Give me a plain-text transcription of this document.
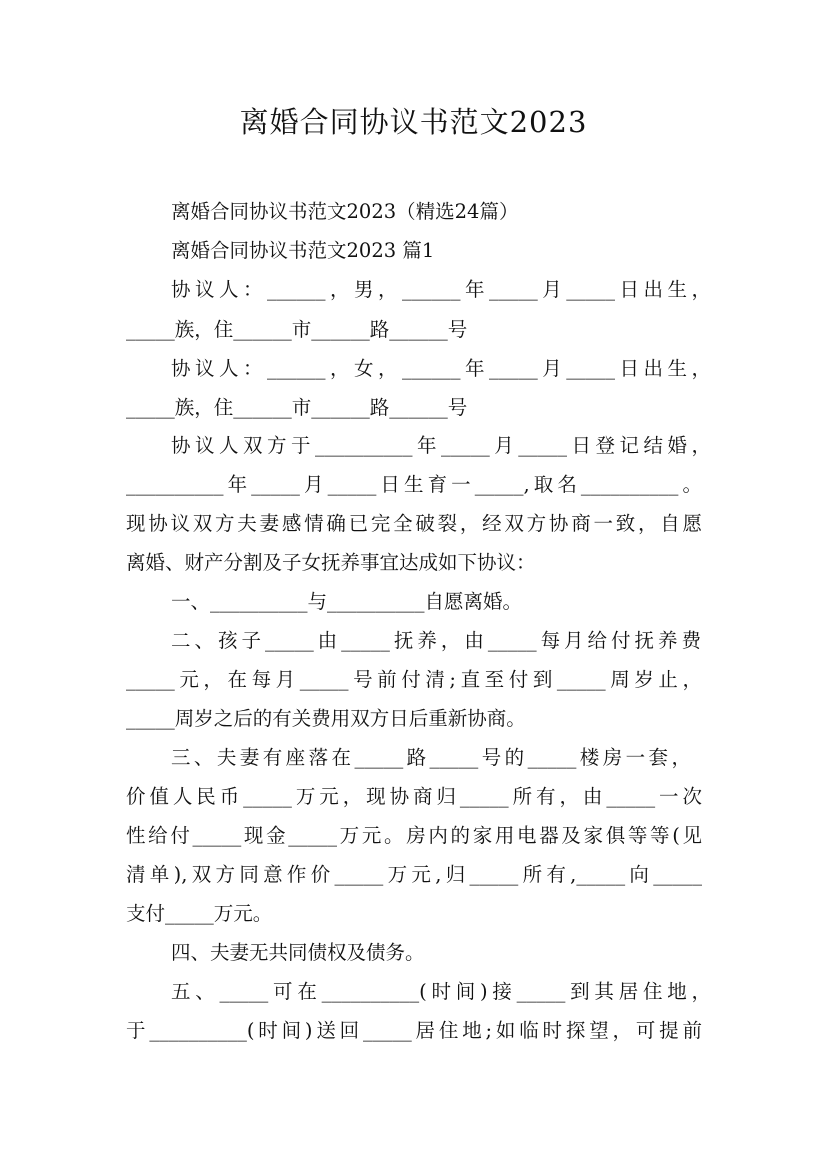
离婚合同协议书范文2023

离婚合同协议书范文2023（精选24篇）

离婚合同协议书范文2023 篇1

协议人：______，男，______年_____月_____日出生，

_____族，住______市______路______号

协议人：______，女，______年_____月_____日出生，

_____族，住______市______路______号

协议人双方于__________年_____月_____日登记结婚，

__________年_____月_____日生育一_____,取名__________。

现协议双方夫妻感情确已完全破裂，经双方协商一致，自愿

离婚、财产分割及子女抚养事宜达成如下协议：

一、__________与__________自愿离婚。

二、孩子_____由_____抚养，由_____每月给付抚养费

_____元，在每月_____号前付清;直至付到_____周岁止，

_____周岁之后的有关费用双方日后重新协商。

三、夫妻有座落在_____路_____号的_____楼房一套，

价值人民币_____万元，现协商归_____所有，由_____一次

性给付_____现金_____万元。房内的家用电器及家俱等等(见

清单),双方同意作价_____万元,归_____所有,_____向_____

支付_____万元。

四、夫妻无共同债权及债务。

五、_____可在__________(时间)接_____到其居住地，

于__________(时间)送回_____居住地;如临时探望，可提前
